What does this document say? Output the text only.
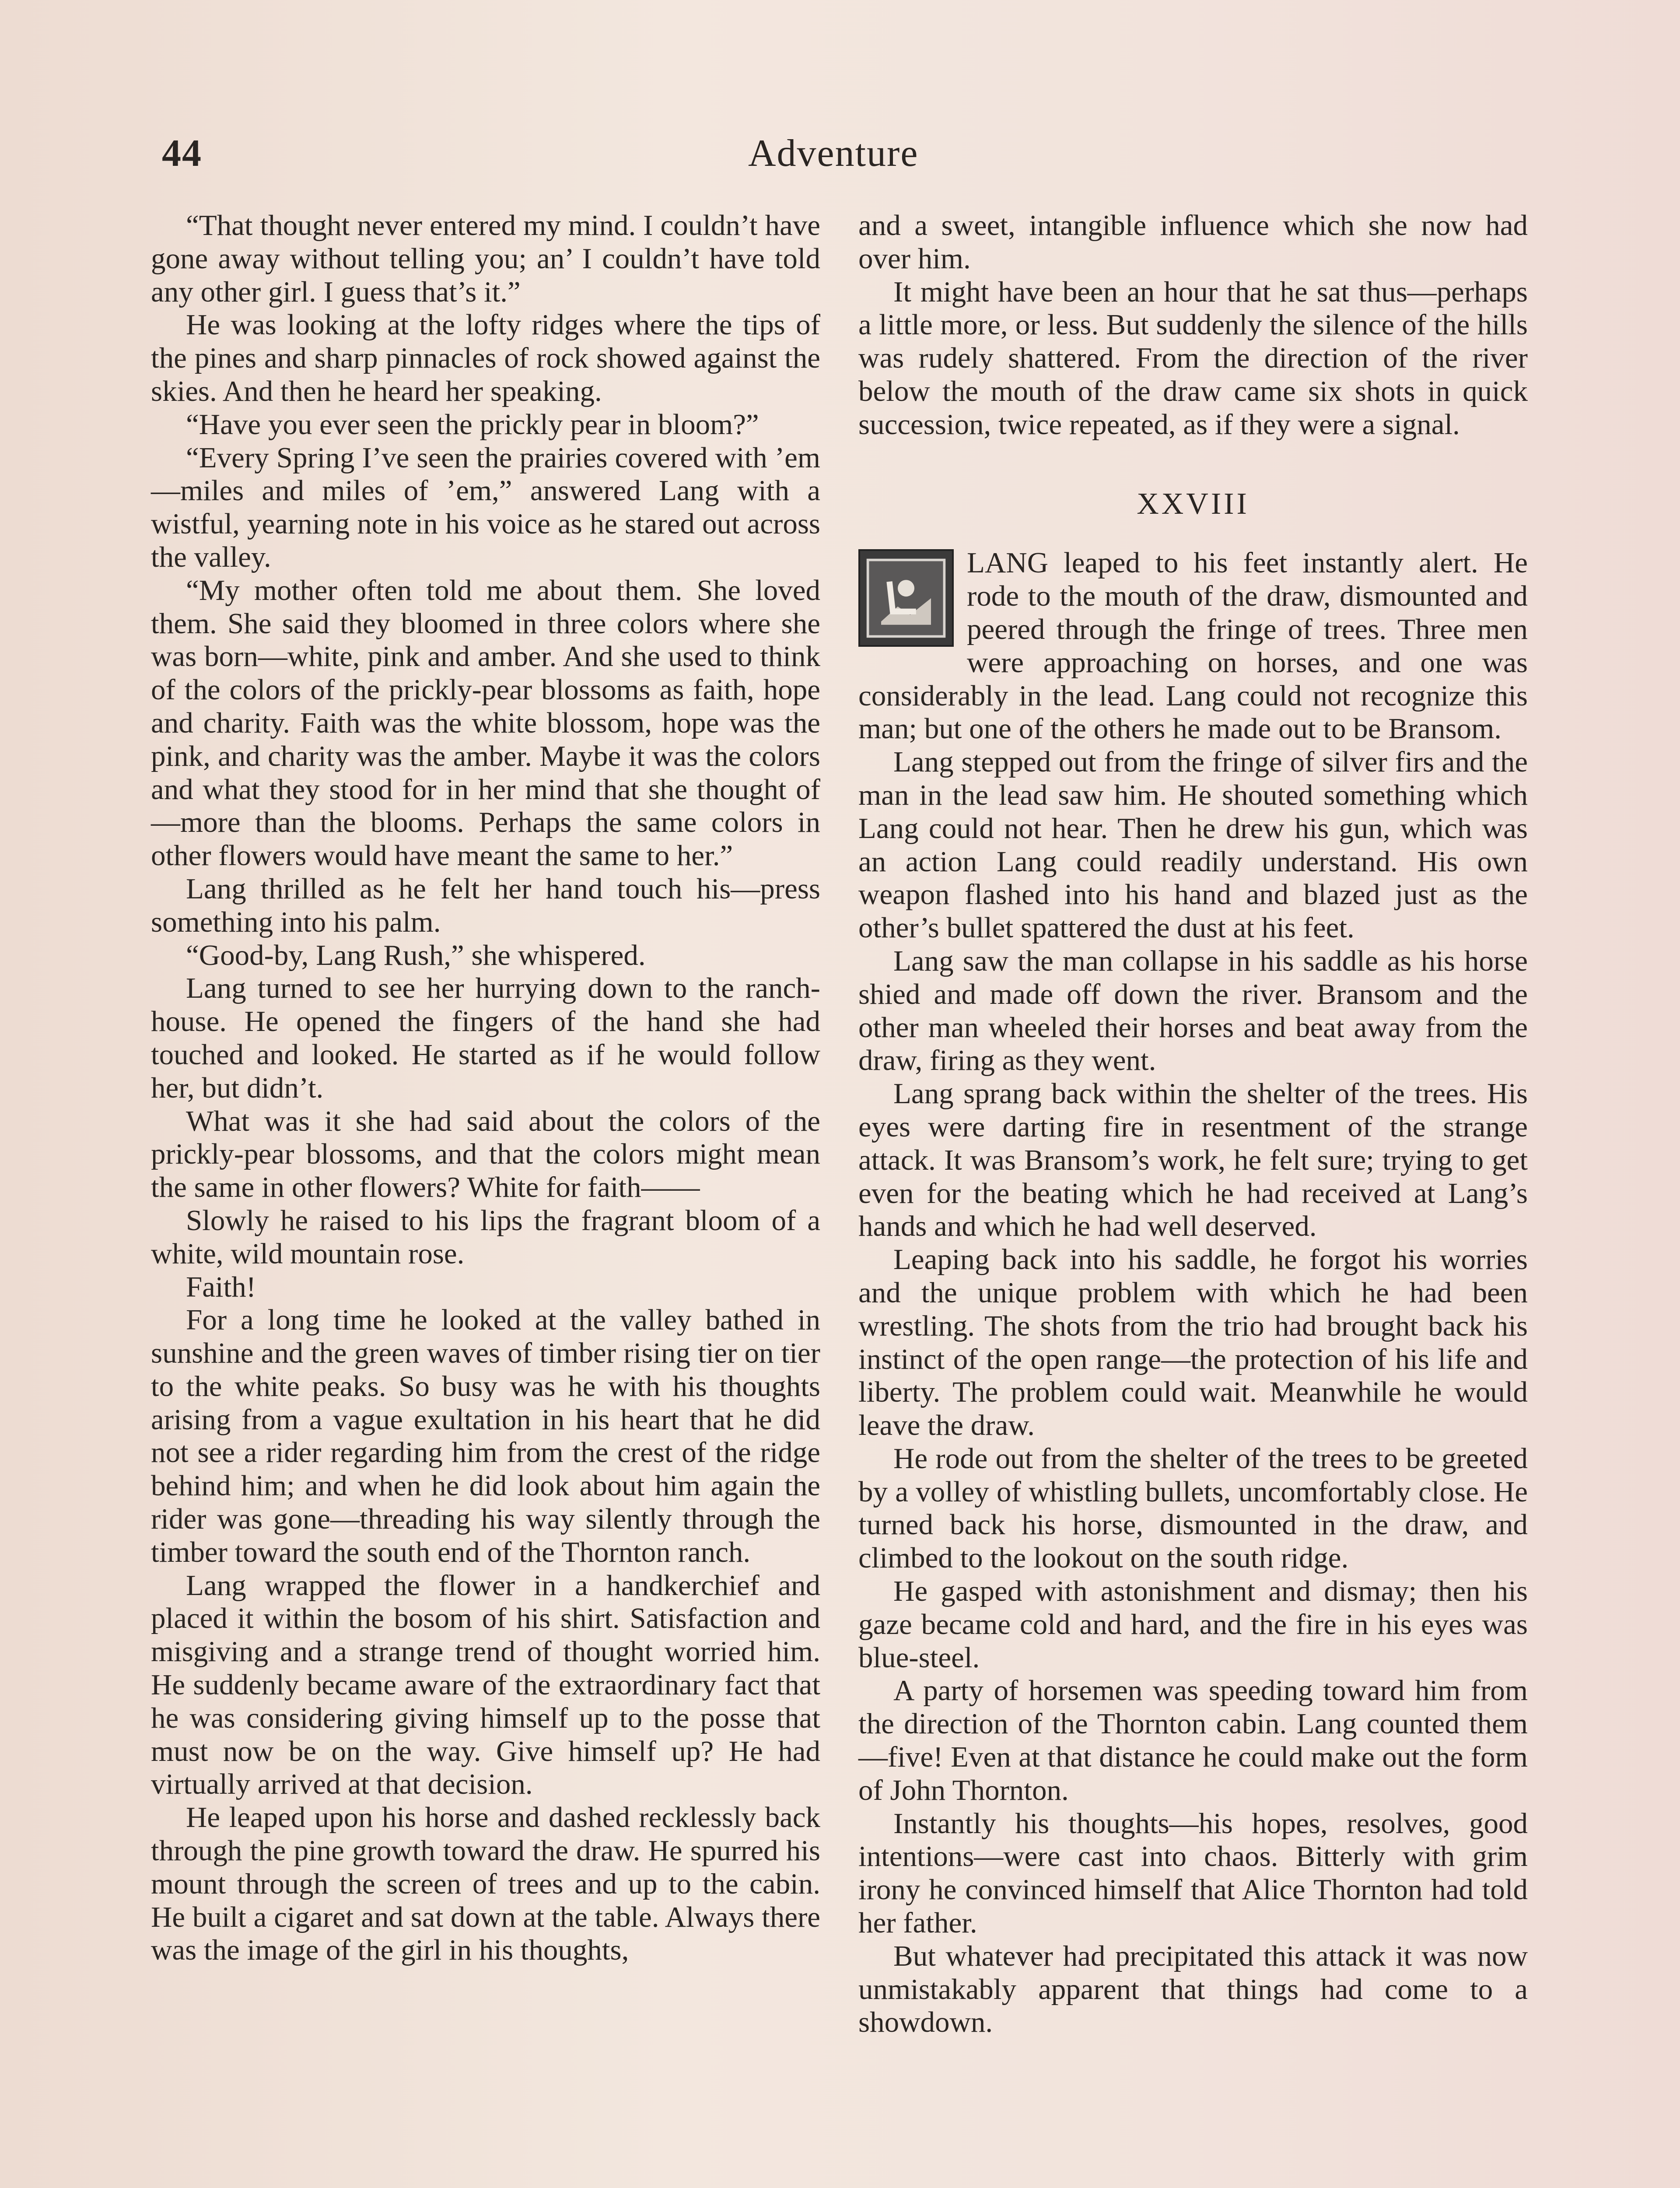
44	Adventure

“That thought never entered my mind. I couldn’t have gone away without telling you; an’ I couldn’t have told any other girl. I guess that’s it.”

He was looking at the lofty ridges where the tips of the pines and sharp pinnacles of rock showed against the skies. And then he heard her speaking.

“Have you ever seen the prickly pear in bloom?”

“Every Spring I’ve seen the prairies covered with ’em—miles and miles of ’em,” answered Lang with a wistful, yearning note in his voice as he stared out across the valley.

“My mother often told me about them. She loved them. She said they bloomed in three colors where she was born—white, pink and amber. And she used to think of the colors of the prickly-pear blossoms as faith, hope and charity. Faith was the white blossom, hope was the pink, and charity was the amber. Maybe it was the colors and what they stood for in her mind that she thought of—more than the blooms. Perhaps the same colors in other flowers would have meant the same to her.”

Lang thrilled as he felt her hand touch his—press something into his palm.

“Good-by, Lang Rush,” she whispered.

Lang turned to see her hurrying down to the ranch-house. He opened the fingers of the hand she had touched and looked. He started as if he would follow her, but didn’t.

What was it she had said about the colors of the prickly-pear blossoms, and that the colors might mean the same in other flowers? White for faith——

Slowly he raised to his lips the fragrant bloom of a white, wild mountain rose.

Faith!

For a long time he looked at the valley bathed in sunshine and the green waves of timber rising tier on tier to the white peaks. So busy was he with his thoughts arising from a vague exultation in his heart that he did not see a rider regarding him from the crest of the ridge behind him; and when he did look about him again the rider was gone—threading his way silently through the timber toward the south end of the Thornton ranch.

Lang wrapped the flower in a handkerchief and placed it within the bosom of his shirt. Satisfaction and misgiving and a strange trend of thought worried him. He suddenly became aware of the extraordinary fact that he was considering giving himself up to the posse that must now be on the way. Give himself up? He had virtually arrived at that decision.

He leaped upon his horse and dashed recklessly back through the pine growth toward the draw. He spurred his mount through the screen of trees and up to the cabin. He built a cigaret and sat down at the table. Always there was the image of the girl in his thoughts,

and a sweet, intangible influence which she now had over him.

It might have been an hour that he sat thus—perhaps a little more, or less. But suddenly the silence of the hills was rudely shattered. From the direction of the river below the mouth of the draw came six shots in quick succession, twice repeated, as if they were a signal.

XXVIII

LANG leaped to his feet instantly alert. He rode to the mouth of the draw, dismounted and peered through the fringe of trees. Three men were approaching on horses, and one was considerably in the lead. Lang could not recognize this man; but one of the others he made out to be Bransom.

Lang stepped out from the fringe of silver firs and the man in the lead saw him. He shouted something which Lang could not hear. Then he drew his gun, which was an action Lang could readily understand. His own weapon flashed into his hand and blazed just as the other’s bullet spattered the dust at his feet.

Lang saw the man collapse in his saddle as his horse shied and made off down the river. Bransom and the other man wheeled their horses and beat away from the draw, firing as they went.

Lang sprang back within the shelter of the trees. His eyes were darting fire in resentment of the strange attack. It was Bransom’s work, he felt sure; trying to get even for the beating which he had received at Lang’s hands and which he had well deserved.

Leaping back into his saddle, he forgot his worries and the unique problem with which he had been wrestling. The shots from the trio had brought back his instinct of the open range—the protection of his life and liberty. The problem could wait. Meanwhile he would leave the draw.

He rode out from the shelter of the trees to be greeted by a volley of whistling bullets, uncomfortably close. He turned back his horse, dismounted in the draw, and climbed to the lookout on the south ridge.

He gasped with astonishment and dismay; then his gaze became cold and hard, and the fire in his eyes was blue-steel.

A party of horsemen was speeding toward him from the direction of the Thornton cabin. Lang counted them—five! Even at that distance he could make out the form of John Thornton.

Instantly his thoughts—his hopes, resolves, good intentions—were cast into chaos. Bitterly with grim irony he convinced himself that Alice Thornton had told her father.

But whatever had precipitated this attack it was now unmistakably apparent that things had come to a showdown.
